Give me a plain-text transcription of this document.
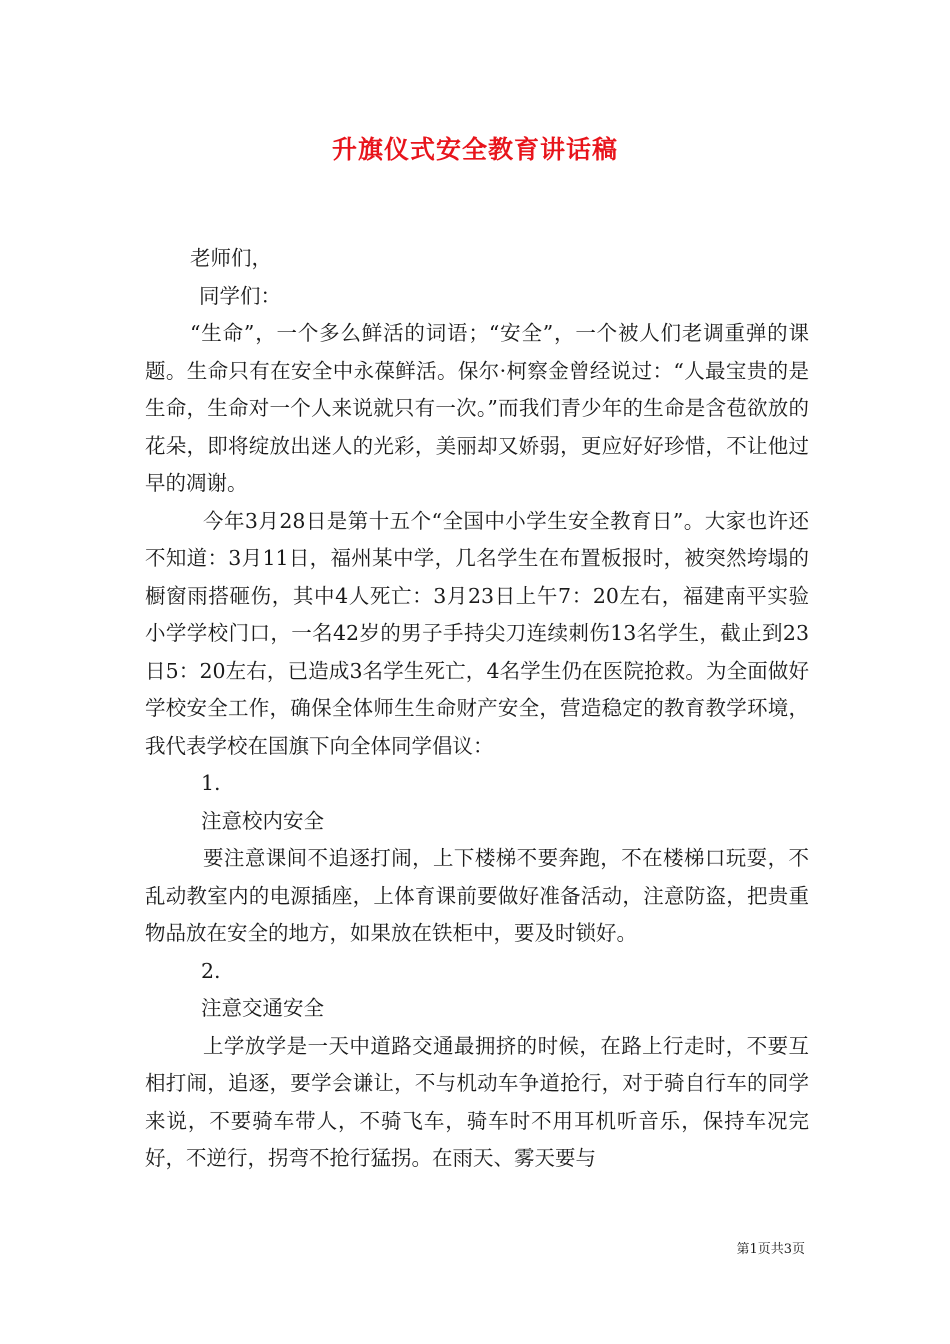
升旗仪式安全教育讲话稿

老师们，

同学们：

“生命”，一个多么鲜活的词语；“安全”，一个被人们老调重弹的课题。生命只有在安全中永葆鲜活。保尔·柯察金曾经说过：“人最宝贵的是生命，生命对一个人来说就只有一次。”而我们青少年的生命是含苞欲放的花朵，即将绽放出迷人的光彩，美丽却又娇弱，更应好好珍惜，不让他过早的凋谢。

今年3月28日是第十五个“全国中小学生安全教育日”。大家也许还不知道：3月11日，福州某中学，几名学生在布置板报时，被突然垮塌的橱窗雨搭砸伤，其中4人死亡：3月23日上午7：20左右，福建南平实验小学学校门口，一名42岁的男子手持尖刀连续刺伤13名学生，截止到23日5：20左右，已造成3名学生死亡，4名学生仍在医院抢救。为全面做好学校安全工作，确保全体师生生命财产安全，营造稳定的教育教学环境，我代表学校在国旗下向全体同学倡议：

1.

注意校内安全

要注意课间不追逐打闹，上下楼梯不要奔跑，不在楼梯口玩耍，不乱动教室内的电源插座，上体育课前要做好准备活动，注意防盗，把贵重物品放在安全的地方，如果放在铁柜中，要及时锁好。

2.

注意交通安全

上学放学是一天中道路交通最拥挤的时候，在路上行走时，不要互相打闹，追逐，要学会谦让，不与机动车争道抢行，对于骑自行车的同学来说，不要骑车带人，不骑飞车，骑车时不用耳机听音乐，保持车况完好，不逆行，拐弯不抢行猛拐。在雨天、雾天要与

第1页共3页
